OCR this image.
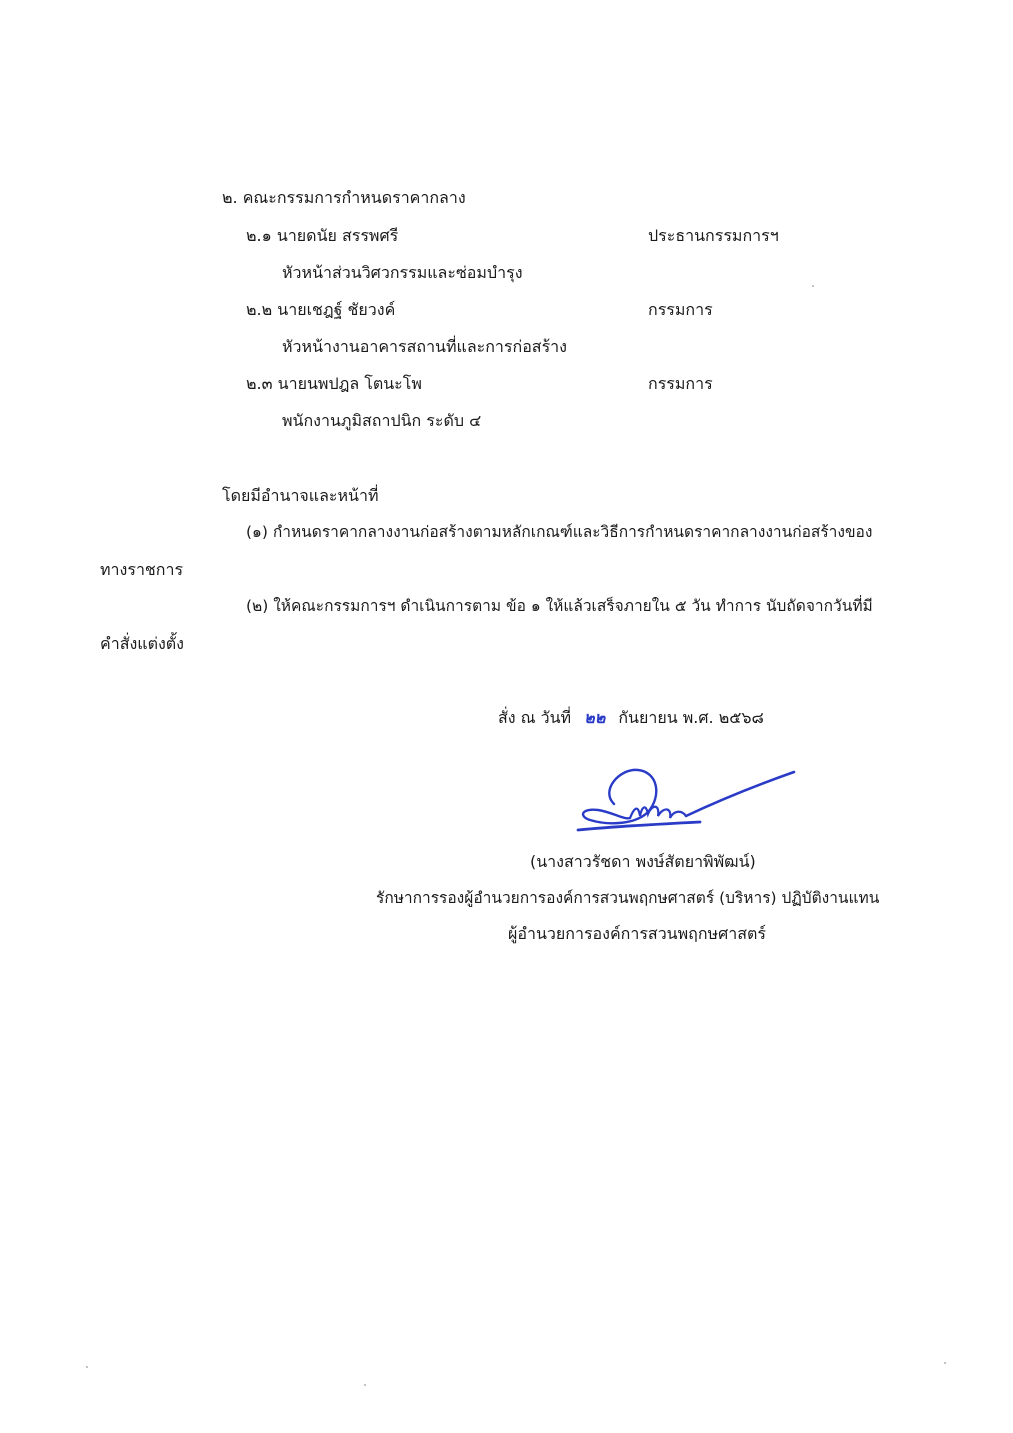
๒. คณะกรรมการกำหนดราคากลาง
๒.๑ นายดนัย สรรพศรี	ประธานกรรมการฯ
หัวหน้าส่วนวิศวกรรมและซ่อมบำรุง
๒.๒ นายเชฎฐ์ ชัยวงค์	กรรมการ
หัวหน้างานอาคารสถานที่และการก่อสร้าง
๒.๓ นายนพปฎล โตนะโพ	กรรมการ
พนักงานภูมิสถาปนิก ระดับ ๔
โดยมีอำนาจและหน้าที่
(๑) กำหนดราคากลางงานก่อสร้างตามหลักเกณฑ์และวิธีการกำหนดราคากลางงานก่อสร้างของ
ทางราชการ
(๒) ให้คณะกรรมการฯ ดำเนินการตาม ข้อ ๑ ให้แล้วเสร็จภายใน ๕ วัน ทำการ นับถัดจากวันที่มี
คำสั่งแต่งตั้ง
สั่ง ณ วันที่ ๒๒ กันยายน พ.ศ. ๒๕๖๘
(นางสาวรัชดา พงษ์สัตยาพิพัฒน์)
รักษาการรองผู้อำนวยการองค์การสวนพฤกษศาสตร์ (บริหาร) ปฏิบัติงานแทน
ผู้อำนวยการองค์การสวนพฤกษศาสตร์
